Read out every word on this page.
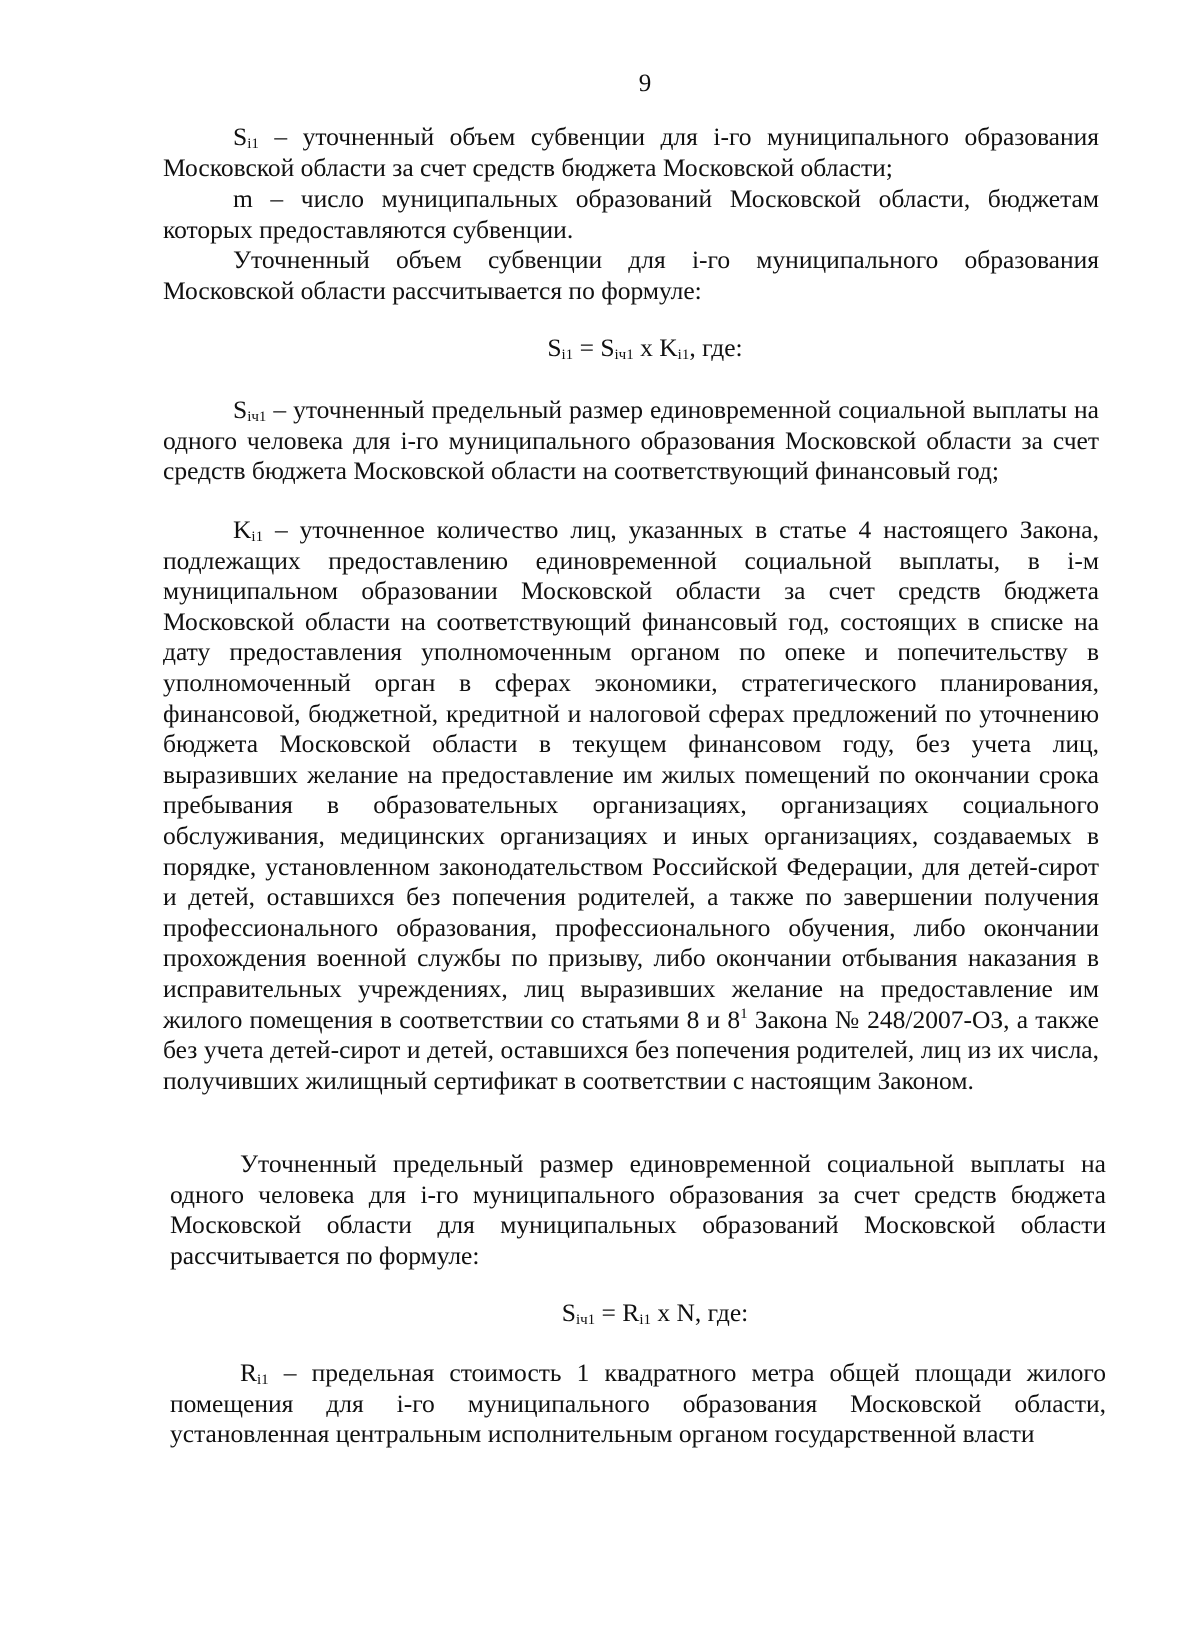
9
$S_{i1}$ – уточненный объем субвенции для i-го муниципального образования Московской области за счет средств бюджета Московской области;
m – число муниципальных образований Московской области, бюджетам которых предоставляются субвенции.
Уточненный объем субвенции для i-го муниципального образования Московской области рассчитывается по формуле:
$S_{i1} = S_{iч1}$ x $K_{i1}$, где:
$S_{iч1}$ – уточненный предельный размер единовременной социальной выплаты на одного человека для i-го муниципального образования Московской области за счет средств бюджета Московской области на соответствующий финансовый год;
$K_{i1}$ – уточненное количество лиц, указанных в статье 4 настоящего Закона, подлежащих предоставлению единовременной социальной выплаты, в i-м муниципальном образовании Московской области за счет средств бюджета Московской области на соответствующий финансовый год, состоящих в списке на дату предоставления уполномоченным органом по опеке и попечительству в уполномоченный орган в сферах экономики, стратегического планирования, финансовой, бюджетной, кредитной и налоговой сферах предложений по уточнению бюджета Московской области в текущем финансовом году, без учета лиц, выразивших желание на предоставление им жилых помещений по окончании срока пребывания в образовательных организациях, организациях социального обслуживания, медицинских организациях и иных организациях, создаваемых в порядке, установленном законодательством Российской Федерации, для детей-сирот и детей, оставшихся без попечения родителей, а также по завершении получения профессионального образования, профессионального обучения, либо окончании прохождения военной службы по призыву, либо окончании отбывания наказания в исправительных учреждениях, лиц выразивших желание на предоставление им жилого помещения в соответствии со статьями 8 и $8^1$ Закона № 248/2007-ОЗ, а также без учета детей-сирот и детей, оставшихся без попечения родителей, лиц из их числа, получивших жилищный сертификат в соответствии с настоящим Законом.
Уточненный предельный размер единовременной социальной выплаты на одного человека для i-го муниципального образования за счет средств бюджета Московской области для муниципальных образований Московской области рассчитывается по формуле:
$S_{iч1} = R_{i1}$ x N, где:
$R_{i1}$ – предельная стоимость 1 квадратного метра общей площади жилого помещения для i-го муниципального образования Московской области, установленная центральным исполнительным органом государственной власти
